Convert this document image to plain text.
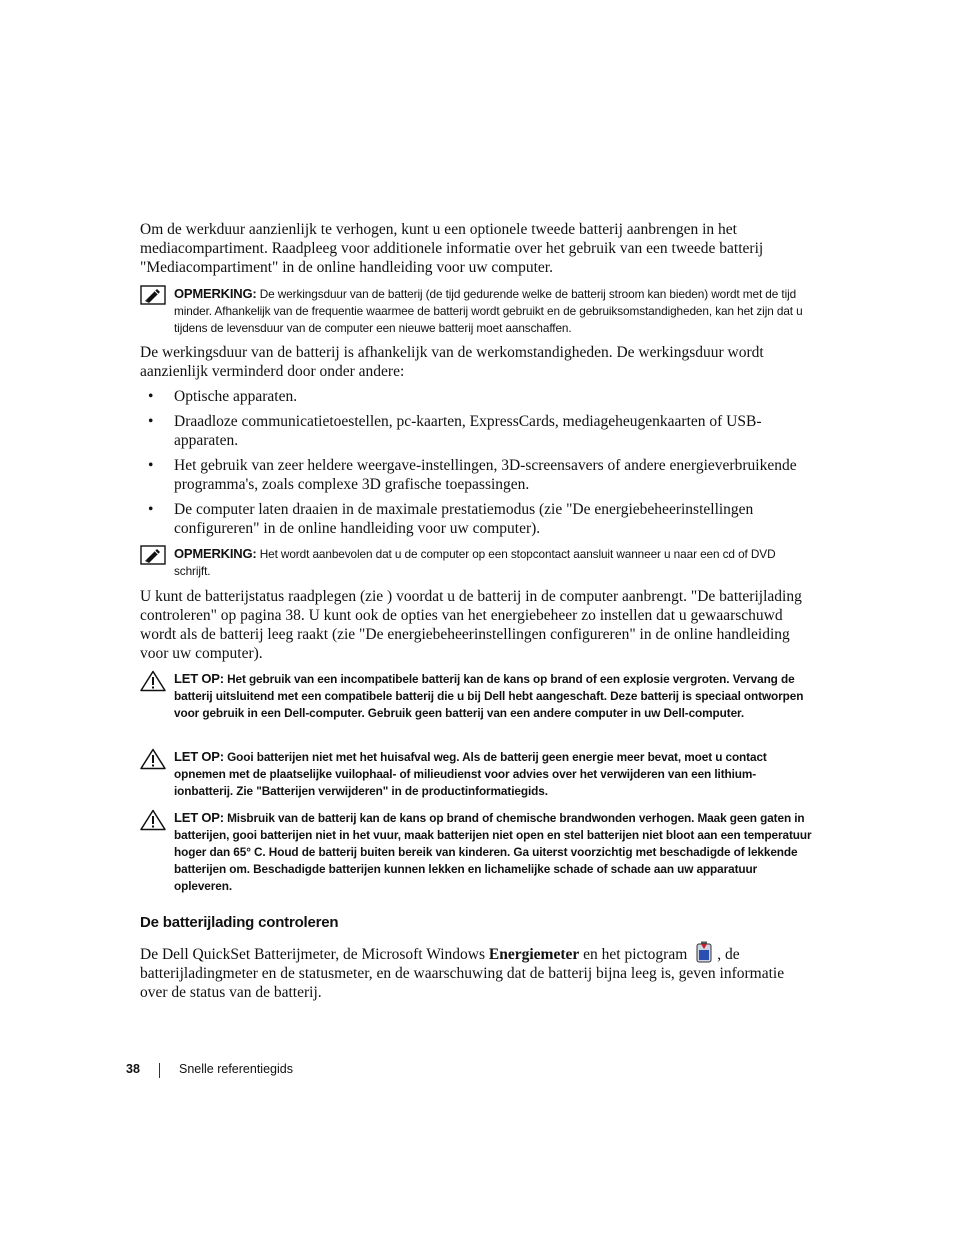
Om de werkduur aanzienlijk te verhogen, kunt u een optionele tweede batterij aanbrengen in het mediacompartiment. Raadpleeg voor additionele informatie over het gebruik van een tweede batterij "Mediacompartiment" in de online handleiding voor uw computer.

OPMERKING: De werkingsduur van de batterij (de tijd gedurende welke de batterij stroom kan bieden) wordt met de tijd minder. Afhankelijk van de frequentie waarmee de batterij wordt gebruikt en de gebruiksomstandigheden, kan het zijn dat u tijdens de levensduur van de computer een nieuwe batterij moet aanschaffen.

De werkingsduur van de batterij is afhankelijk van de werkomstandigheden. De werkingsduur wordt aanzienlijk verminderd door onder andere:

• Optische apparaten.
• Draadloze communicatietoestellen, pc-kaarten, ExpressCards, mediageheugenkaarten of USB-apparaten.
• Het gebruik van zeer heldere weergave-instellingen, 3D-screensavers of andere energieverbruikende programma's, zoals complexe 3D grafische toepassingen.
• De computer laten draaien in de maximale prestatiemodus (zie "De energiebeheerinstellingen configureren" in de online handleiding voor uw computer).
OPMERKING: Het wordt aanbevolen dat u de computer op een stopcontact aansluit wanneer u naar een cd of DVD schrijft.

U kunt de batterijstatus raadplegen (zie ) voordat u de batterij in de computer aanbrengt. "De batterijlading controleren" op pagina 38. U kunt ook de opties van het energiebeheer zo instellen dat u gewaarschuwd wordt als de batterij leeg raakt (zie "De energiebeheerinstellingen configureren" in de online handleiding voor uw computer).

LET OP: Het gebruik van een incompatibele batterij kan de kans op brand of een explosie vergroten. Vervang de batterij uitsluitend met een compatibele batterij die u bij Dell hebt aangeschaft. Deze batterij is speciaal ontworpen voor gebruik in een Dell-computer. Gebruik geen batterij van een andere computer in uw Dell-computer.
LET OP: Gooi batterijen niet met het huisafval weg. Als de batterij geen energie meer bevat, moet u contact opnemen met de plaatselijke vuilophaal- of milieudienst voor advies over het verwijderen van een lithium-ionbatterij. Zie "Batterijen verwijderen" in de productinformatiegids.
LET OP: Misbruik van de batterij kan de kans op brand of chemische brandwonden verhogen. Maak geen gaten in batterijen, gooi batterijen niet in het vuur, maak batterijen niet open en stel batterijen niet bloot aan een temperatuur hoger dan 65° C. Houd de batterij buiten bereik van kinderen. Ga uiterst voorzichtig met beschadigde of lekkende batterijen om. Beschadigde batterijen kunnen lekken en lichamelijke schade of schade aan uw apparatuur opleveren.
De batterijlading controleren

De Dell QuickSet Batterijmeter, de Microsoft Windows Energiemeter en het pictogram , de batterijladingmeter en de statusmeter, en de waarschuwing dat de batterij bijna leeg is, geven informatie over de status van de batterij.

38	Snelle referentiegids
